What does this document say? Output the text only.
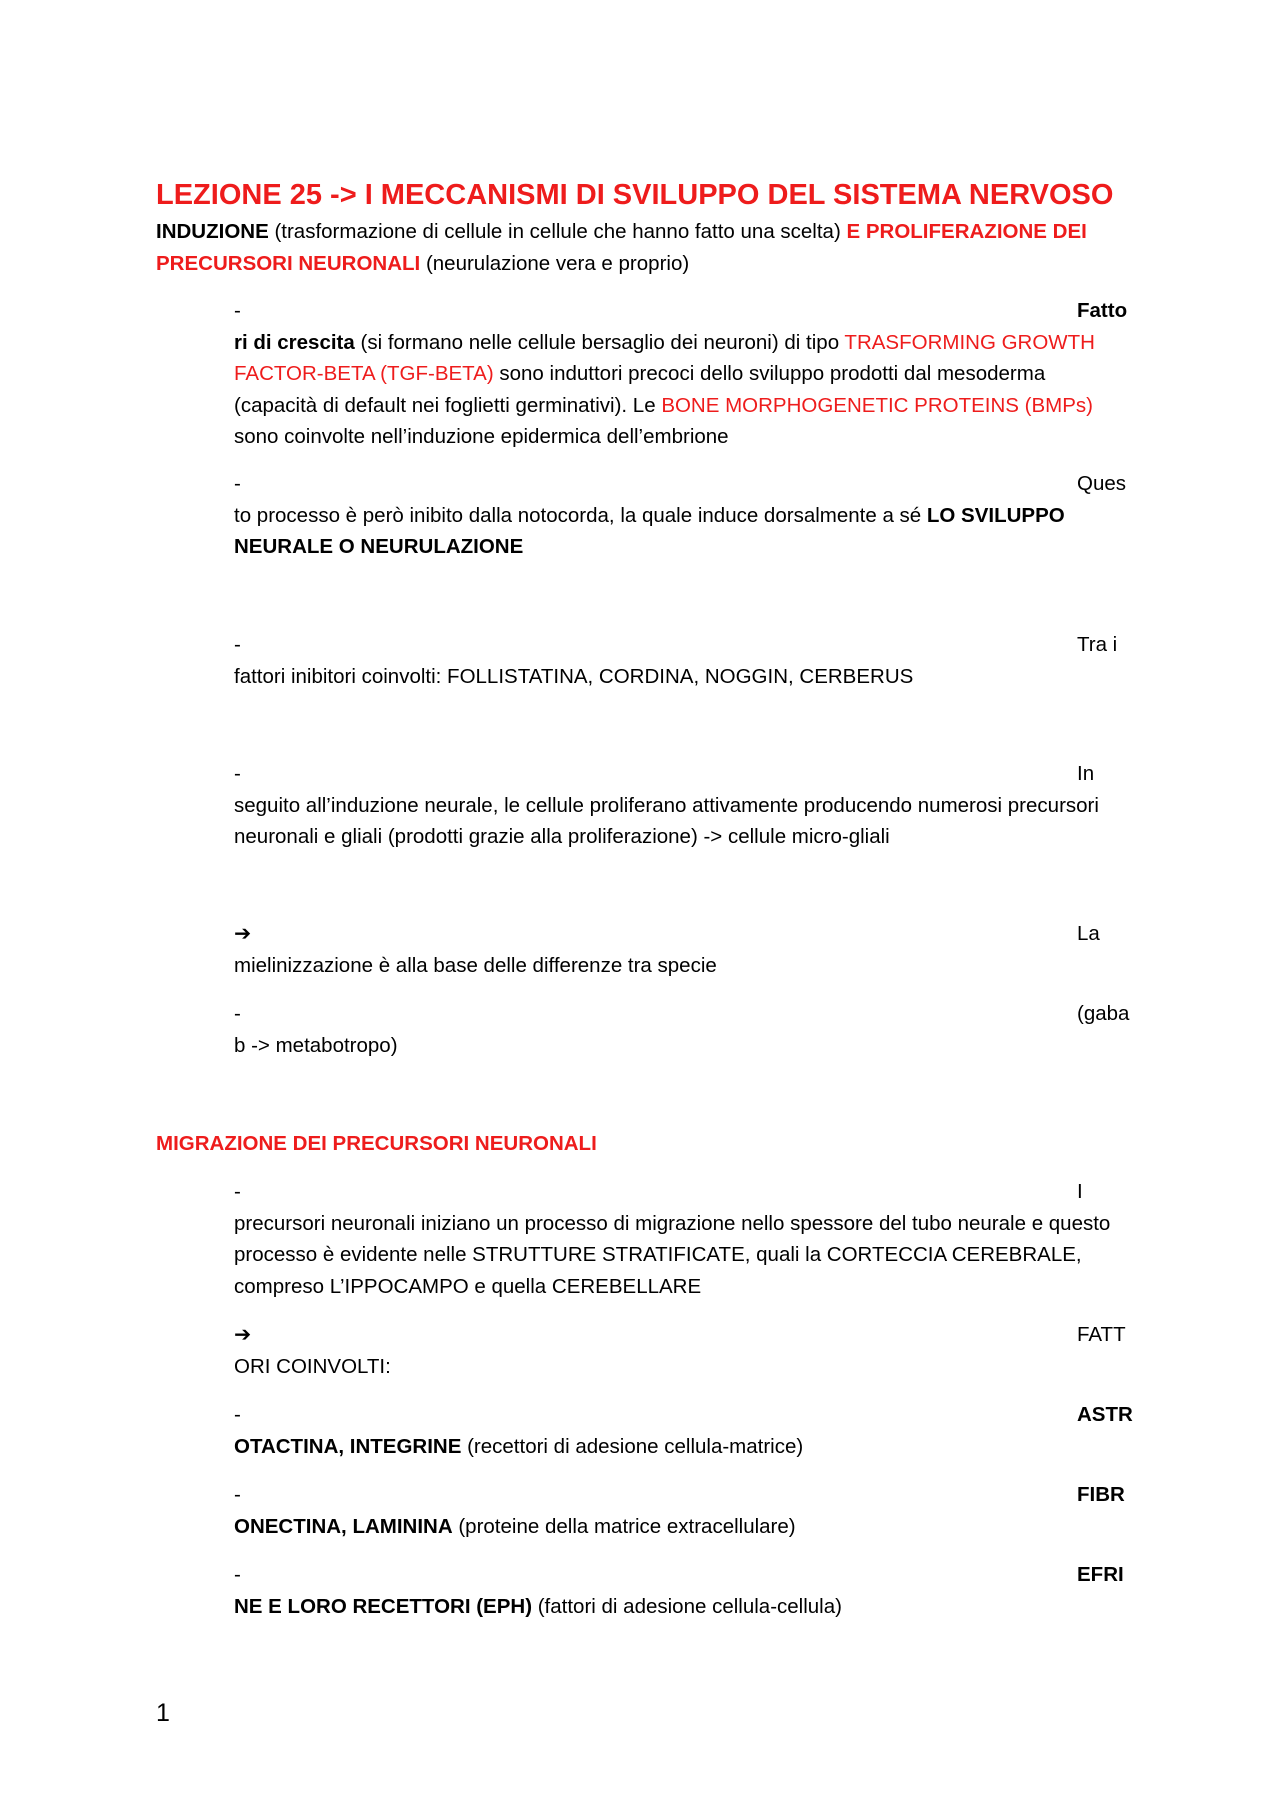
LEZIONE 25 -> I MECCANISMI DI SVILUPPO DEL SISTEMA NERVOSO
INDUZIONE (trasformazione di cellule in cellule che hanno fatto una scelta) E PROLIFERAZIONE DEI PRECURSORI NEURONALI (neurulazione vera e proprio)
-	Fatto
ri di crescita (si formano nelle cellule bersaglio dei neuroni) di tipo TRASFORMING GROWTH FACTOR-BETA (TGF-BETA) sono induttori precoci dello sviluppo prodotti dal mesoderma (capacità di default nei foglietti germinativi). Le BONE MORPHOGENETIC PROTEINS (BMPs) sono coinvolte nell’induzione epidermica dell’embrione
-	Ques
to processo è però inibito dalla notocorda, la quale induce dorsalmente a sé LO SVILUPPO NEURALE O NEURULAZIONE
-	Tra i
fattori inibitori coinvolti: FOLLISTATINA, CORDINA, NOGGIN, CERBERUS
-	In
seguito all’induzione neurale, le cellule proliferano attivamente producendo numerosi precursori neuronali e gliali (prodotti grazie alla proliferazione) -> cellule micro-gliali
➔	La
mielinizzazione è alla base delle differenze tra specie
-	(gaba
b -> metabotropo)
MIGRAZIONE DEI PRECURSORI NEURONALI
-	I
precursori neuronali iniziano un processo di migrazione nello spessore del tubo neurale e questo processo è evidente nelle STRUTTURE STRATIFICATE, quali la CORTECCIA CEREBRALE, compreso L’IPPOCAMPO e quella CEREBELLARE
➔	FATT
ORI COINVOLTI:
-	ASTR
OTACTINA, INTEGRINE (recettori di adesione cellula-matrice)
-	FIBR
ONECTINA, LAMININA (proteine della matrice extracellulare)
-	EFRI
NE E LORO RECETTORI (EPH) (fattori di adesione cellula-cellula)
1
